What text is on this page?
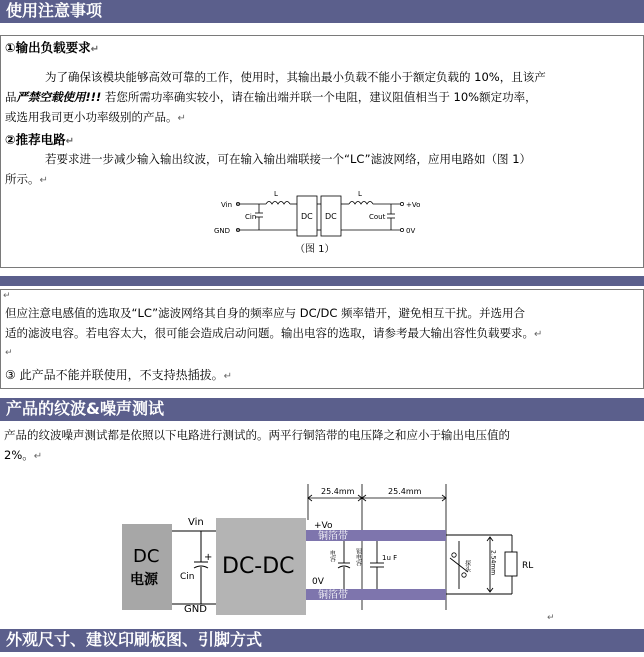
使用注意事项
①输出负载要求↵
为了确保该模块能够高效可靠的工作，使用时，其输出最小负载不能小于额定负载的 10%，且该产
品严禁空载使用!!! 若您所需功率确实较小，请在输出端并联一个电阻，建议阻值相当于 10%额定功率，
或选用我司更小功率级别的产品。↵
②推荐电路↵
若要求进一步减少输入输出纹波，可在输入输出端联接一个“LC”滤波网络，应用电路如（图 1）
所示。↵
Vin
GND
Cin
L	L
DC DC	Cout
+Vo
0V
（图 1）
↵
但应注意电感值的选取及“LC”滤波网络其自身的频率应与 DC/DC 频率错开，避免相互干扰。并选用合
适的滤波电容。若电容太大，很可能会造成启动问题。输出电容的选取，请参考最大输出容性负载要求。↵
↵
③ 此产品不能并联使用，不支持热插拔。↵
产品的纹波&噪声测试
产品的纹波噪声测试都是依照以下电路进行测试的。两平行铜箔带的电压降之和应小于输出电压值的
2%。↵
25.4mm	25.4mm
DC
电源
Vin
GND
Cin
+ DC-DC
+Vo
0V
铜箔带
铜箔带
钽电容
电容	1u F
探头	2.54mm	RL
↵
外观尺寸、建议印刷板图、引脚方式
